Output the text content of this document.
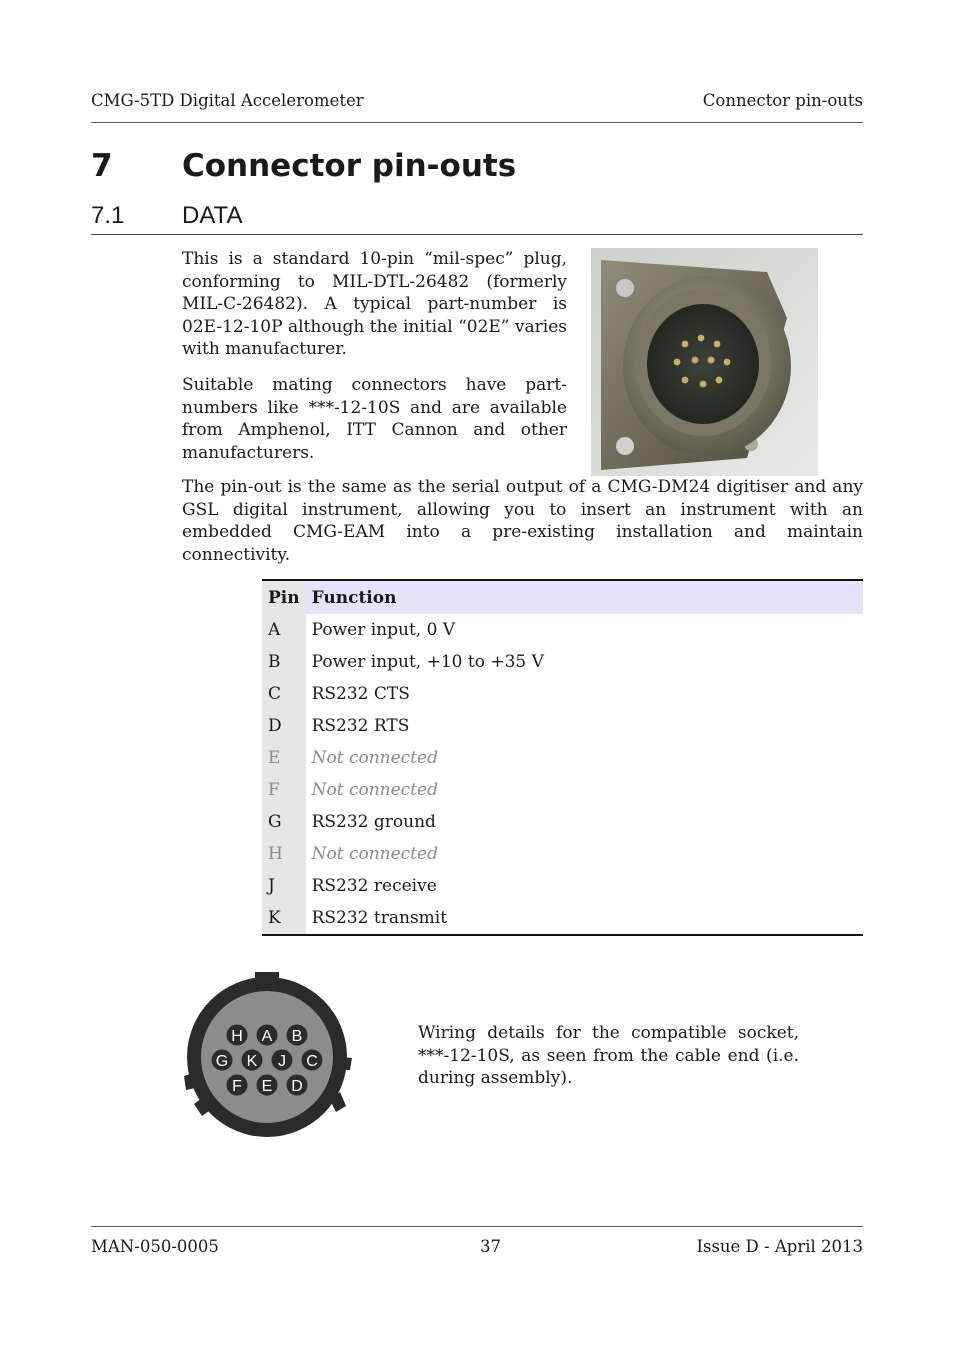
CMG-5TD Digital Accelerometer	Connector pin-outs
7 Connector pin-outs
7.1 DATA

This is a standard 10-pin “mil-spec” plug, conforming to MIL-DTL-26482 (formerly MIL-C-26482). A typical part-number is 02E-12-10P although the initial “02E” varies with manufacturer.

Suitable mating connectors have part-numbers like ***-12-10S and are available from Amphenol, ITT Cannon and other manufacturers.

The pin-out is the same as the serial output of a CMG-DM24 digitiser and any GSL digital instrument, allowing you to insert an instrument with an embedded CMG-EAM into a pre-existing installation and maintain connectivity.

Pin	Function
A	Power input, 0 V
B	Power input, +10 to +35 V
C	RS232 CTS
D	RS232 RTS
E	Not connected
F	Not connected
G	RS232 ground
H	Not connected
J	RS232 receive
K	RS232 transmit
H A B
G K J C
F E D

Wiring details for the compatible socket, ***-12-10S, as seen from the cable end (i.e. during assembly).

MAN-050-0005	37	Issue D - April 2013
